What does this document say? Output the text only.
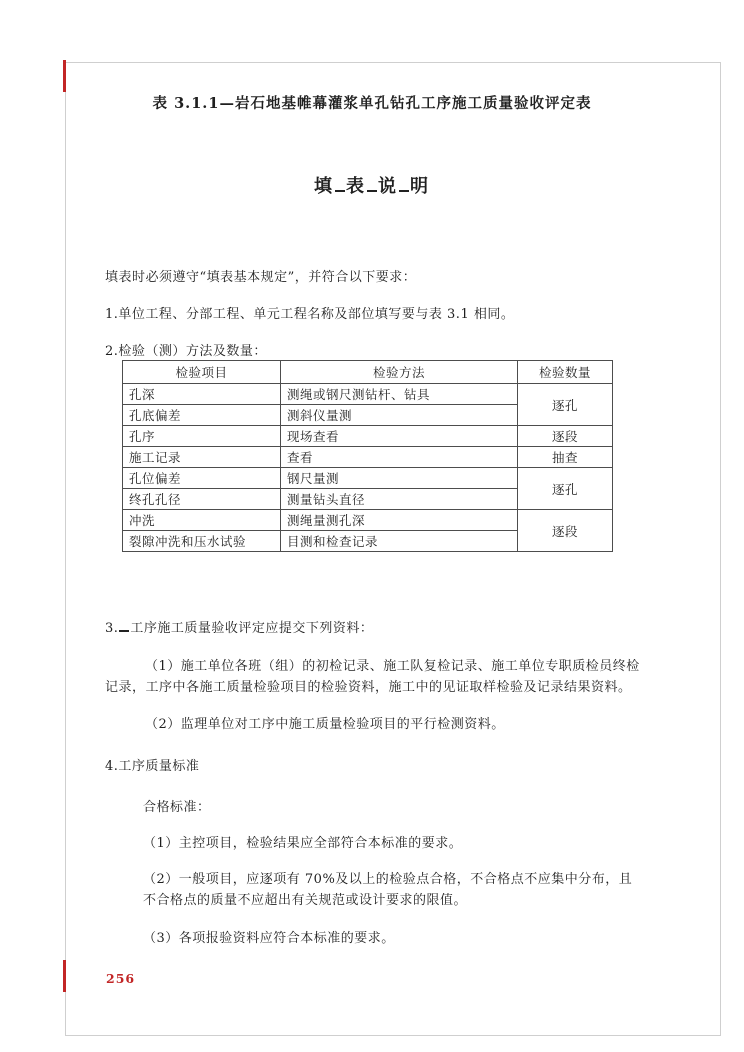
表 3.1.1—岩石地基帷幕灌浆单孔钻孔工序施工质量验收评定表
填 表 说 明

填表时必须遵守“填表基本规定”，并符合以下要求：

1.单位工程、分部工程、单元工程名称及部位填写要与表 3.1 相同。

2.检验（测）方法及数量：

检验项目	检验方法	检验数量
孔深	测绳或钢尺测钻杆、钻具	逐孔
孔底偏差	测斜仪量测	
孔序	现场查看	逐段
施工记录	查看	抽查
孔位偏差	钢尺量测	逐孔
终孔孔径	测量钻头直径	
冲洗	测绳量测孔深	逐段
裂隙冲洗和压水试验	目测和检查记录	

3. 工序施工质量验收评定应提交下列资料：

（1）施工单位各班（组）的初检记录、施工队复检记录、施工单位专职质检员终检记录，工序中各施工质量检验项目的检验资料，施工中的见证取样检验及记录结果资料。

（2）监理单位对工序中施工质量检验项目的平行检测资料。

4.工序质量标准

合格标准：

（1）主控项目，检验结果应全部符合本标准的要求。

（2）一般项目，应逐项有 70%及以上的检验点合格，不合格点不应集中分布，且不合格点的质量不应超出有关规范或设计要求的限值。

（3）各项报验资料应符合本标准的要求。

256
